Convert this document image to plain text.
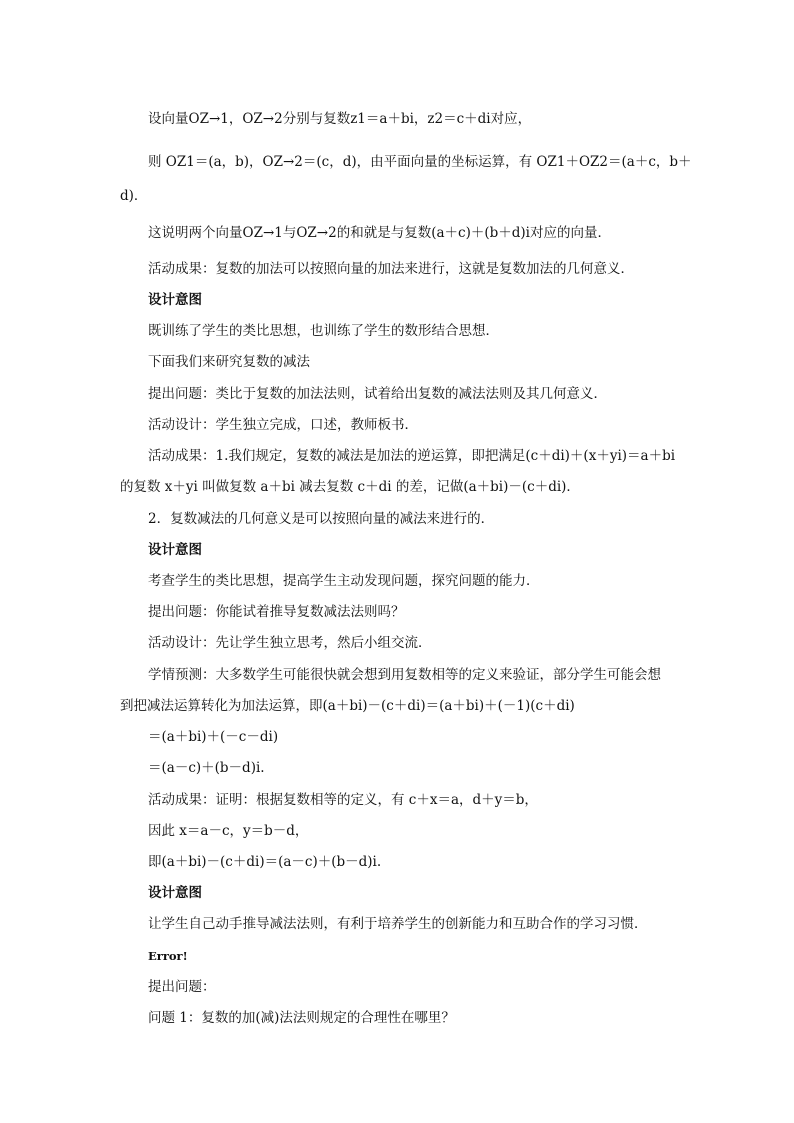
设向量OZ→1，OZ→2分别与复数z1＝a＋bi，z2＝c＋di对应，
则 OZ1＝(a，b)，OZ→2＝(c，d)，由平面向量的坐标运算，有 OZ1＋OZ2＝(a＋c，b＋
d)．
这说明两个向量OZ→1与OZ→2的和就是与复数(a＋c)＋(b＋d)i对应的向量．
活动成果：复数的加法可以按照向量的加法来进行，这就是复数加法的几何意义．
设计意图
既训练了学生的类比思想，也训练了学生的数形结合思想．
下面我们来研究复数的减法
提出问题：类比于复数的加法法则，试着给出复数的减法法则及其几何意义．
活动设计：学生独立完成，口述，教师板书．
活动成果：1.我们规定，复数的减法是加法的逆运算，即把满足(c＋di)＋(x＋yi)＝a＋bi
的复数 x＋yi 叫做复数 a＋bi 减去复数 c＋di 的差，记做(a＋bi)－(c＋di)．
2．复数减法的几何意义是可以按照向量的减法来进行的．
设计意图
考查学生的类比思想，提高学生主动发现问题，探究问题的能力．
提出问题：你能试着推导复数减法法则吗？
活动设计：先让学生独立思考，然后小组交流．
学情预测：大多数学生可能很快就会想到用复数相等的定义来验证，部分学生可能会想
到把减法运算转化为加法运算，即(a＋bi)－(c＋di)＝(a＋bi)＋(－1)(c＋di)
＝(a＋bi)＋(－c－di)
＝(a－c)＋(b－d)i.
活动成果：证明：根据复数相等的定义，有 c＋x＝a，d＋y＝b，
因此 x＝a－c，y＝b－d，
即(a＋bi)－(c＋di)＝(a－c)＋(b－d)i.
设计意图
让学生自己动手推导减法法则，有利于培养学生的创新能力和互助合作的学习习惯．
Error!
提出问题：
问题 1：复数的加(减)法法则规定的合理性在哪里？
